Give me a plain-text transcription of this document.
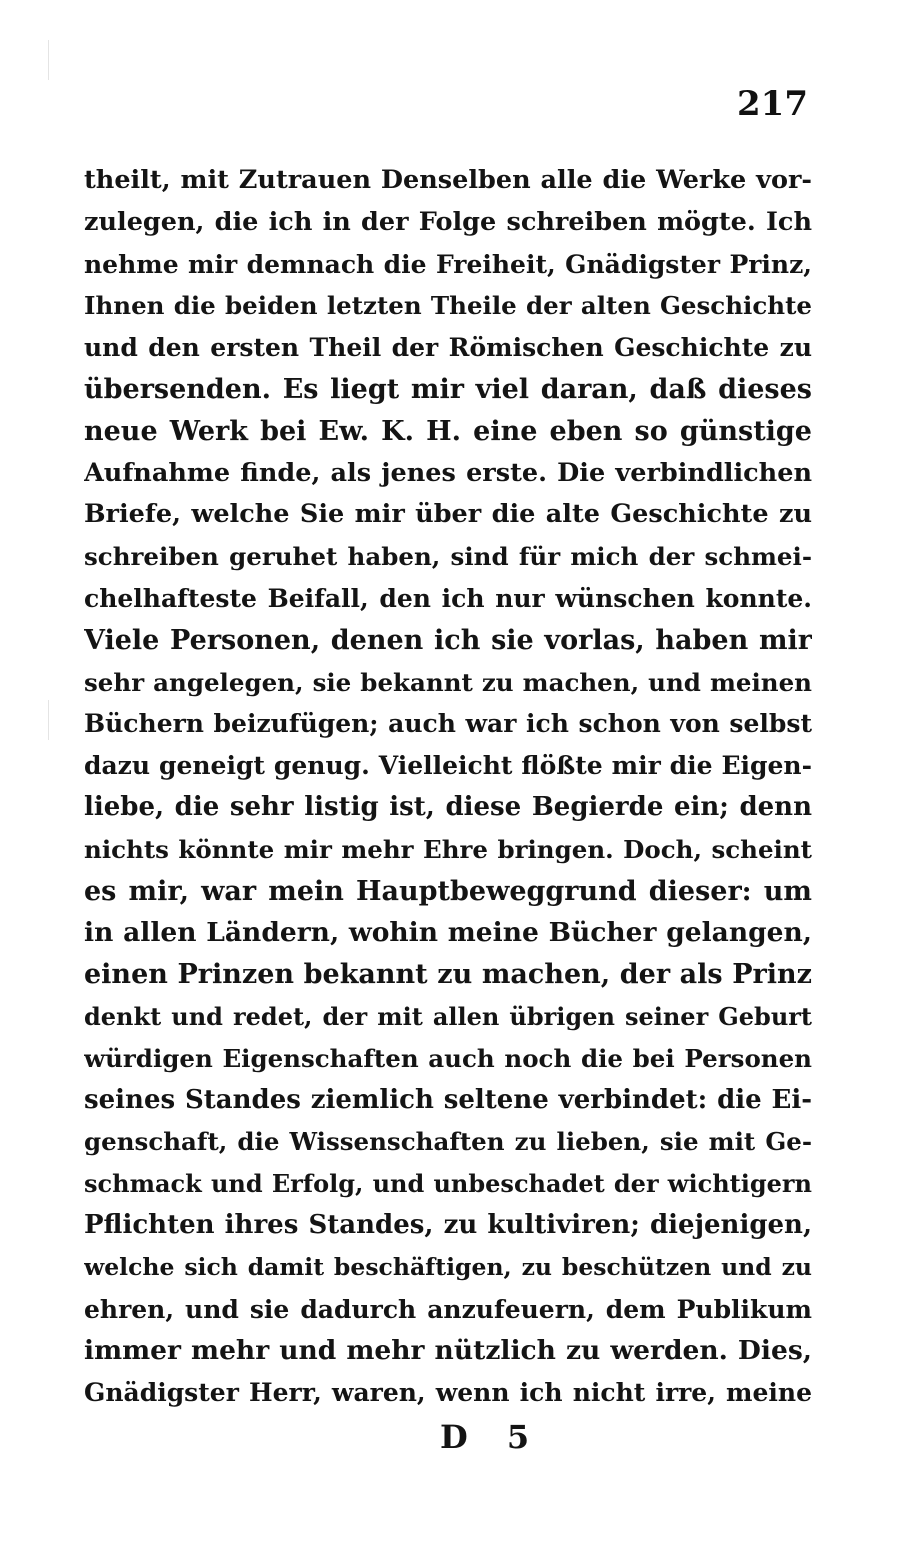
217
theilt, mit Zutrauen Denselben alle die Werke vor-
zulegen, die ich in der Folge schreiben mögte. Ich
nehme mir demnach die Freiheit, Gnädigster Prinz,
Ihnen die beiden letzten Theile der alten Geschichte
und den ersten Theil der Römischen Geschichte zu
übersenden. Es liegt mir viel daran, daß dieses
neue Werk bei Ew. K. H. eine eben so günstige
Aufnahme finde, als jenes erste. Die verbindlichen
Briefe, welche Sie mir über die alte Geschichte zu
schreiben geruhet haben, sind für mich der schmei-
chelhafteste Beifall, den ich nur wünschen konnte.
Viele Personen, denen ich sie vorlas, haben mir
sehr angelegen, sie bekannt zu machen, und meinen
Büchern beizufügen; auch war ich schon von selbst
dazu geneigt genug. Vielleicht flößte mir die Eigen-
liebe, die sehr listig ist, diese Begierde ein; denn
nichts könnte mir mehr Ehre bringen. Doch, scheint
es mir, war mein Hauptbeweggrund dieser: um
in allen Ländern, wohin meine Bücher gelangen,
einen Prinzen bekannt zu machen, der als Prinz
denkt und redet, der mit allen übrigen seiner Geburt
würdigen Eigenschaften auch noch die bei Personen
seines Standes ziemlich seltene verbindet: die Ei-
genschaft, die Wissenschaften zu lieben, sie mit Ge-
schmack und Erfolg, und unbeschadet der wichtigern
Pflichten ihres Standes, zu kultiviren; diejenigen,
welche sich damit beschäftigen, zu beschützen und zu
ehren, und sie dadurch anzufeuern, dem Publikum
immer mehr und mehr nützlich zu werden. Dies,
Gnädigster Herr, waren, wenn ich nicht irre, meine
D 5
